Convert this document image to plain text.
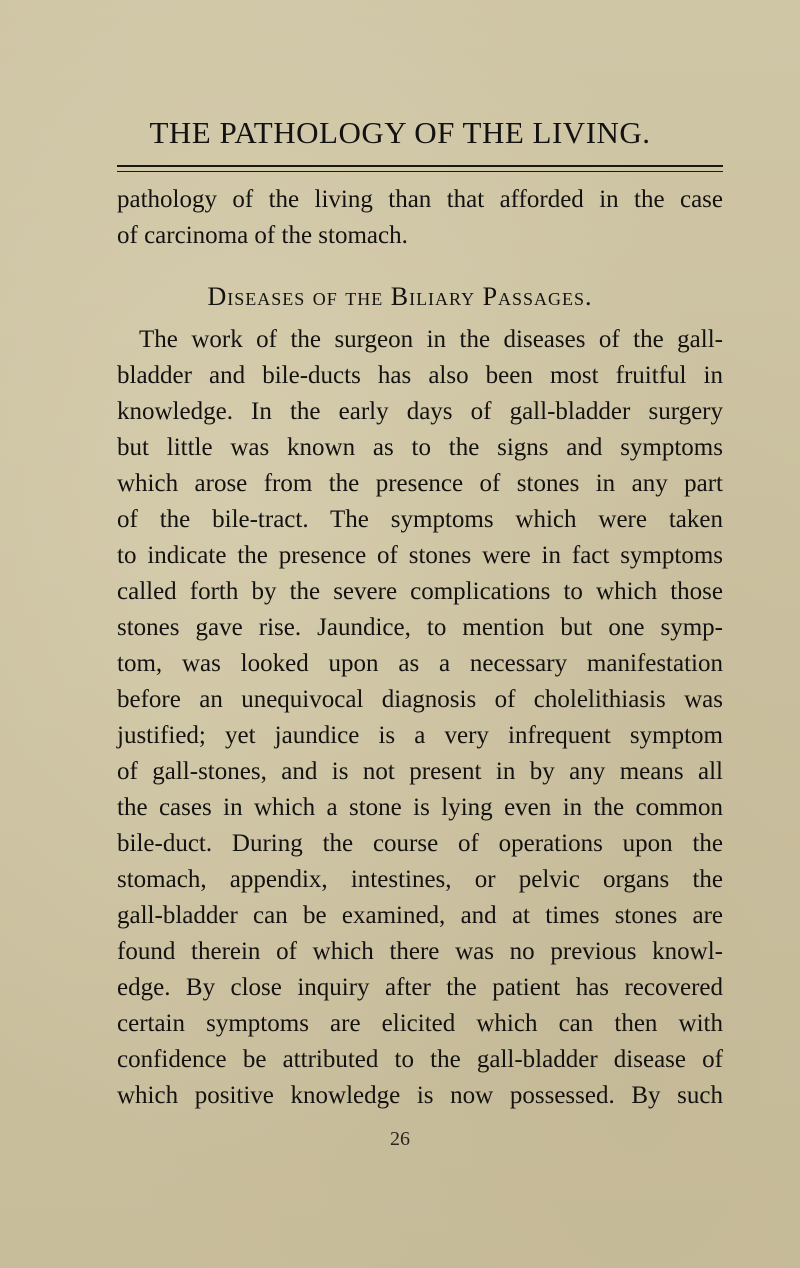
THE PATHOLOGY OF THE LIVING.

pathology of the living than that afforded in the case

of carcinoma of the stomach.

Diseases of the Biliary Passages.

The work of the surgeon in the diseases of the gall-

bladder and bile-ducts has also been most fruitful in

knowledge. In the early days of gall-bladder surgery

but little was known as to the signs and symptoms

which arose from the presence of stones in any part

of the bile-tract. The symptoms which were taken

to indicate the presence of stones were in fact symptoms

called forth by the severe complications to which those

stones gave rise. Jaundice, to mention but one symp-

tom, was looked upon as a necessary manifestation

before an unequivocal diagnosis of cholelithiasis was

justified; yet jaundice is a very infrequent symptom

of gall-stones, and is not present in by any means all

the cases in which a stone is lying even in the common

bile-duct. During the course of operations upon the

stomach, appendix, intestines, or pelvic organs the

gall-bladder can be examined, and at times stones are

found therein of which there was no previous knowl-

edge. By close inquiry after the patient has recovered

certain symptoms are elicited which can then with

confidence be attributed to the gall-bladder disease of

which positive knowledge is now possessed. By such

26
